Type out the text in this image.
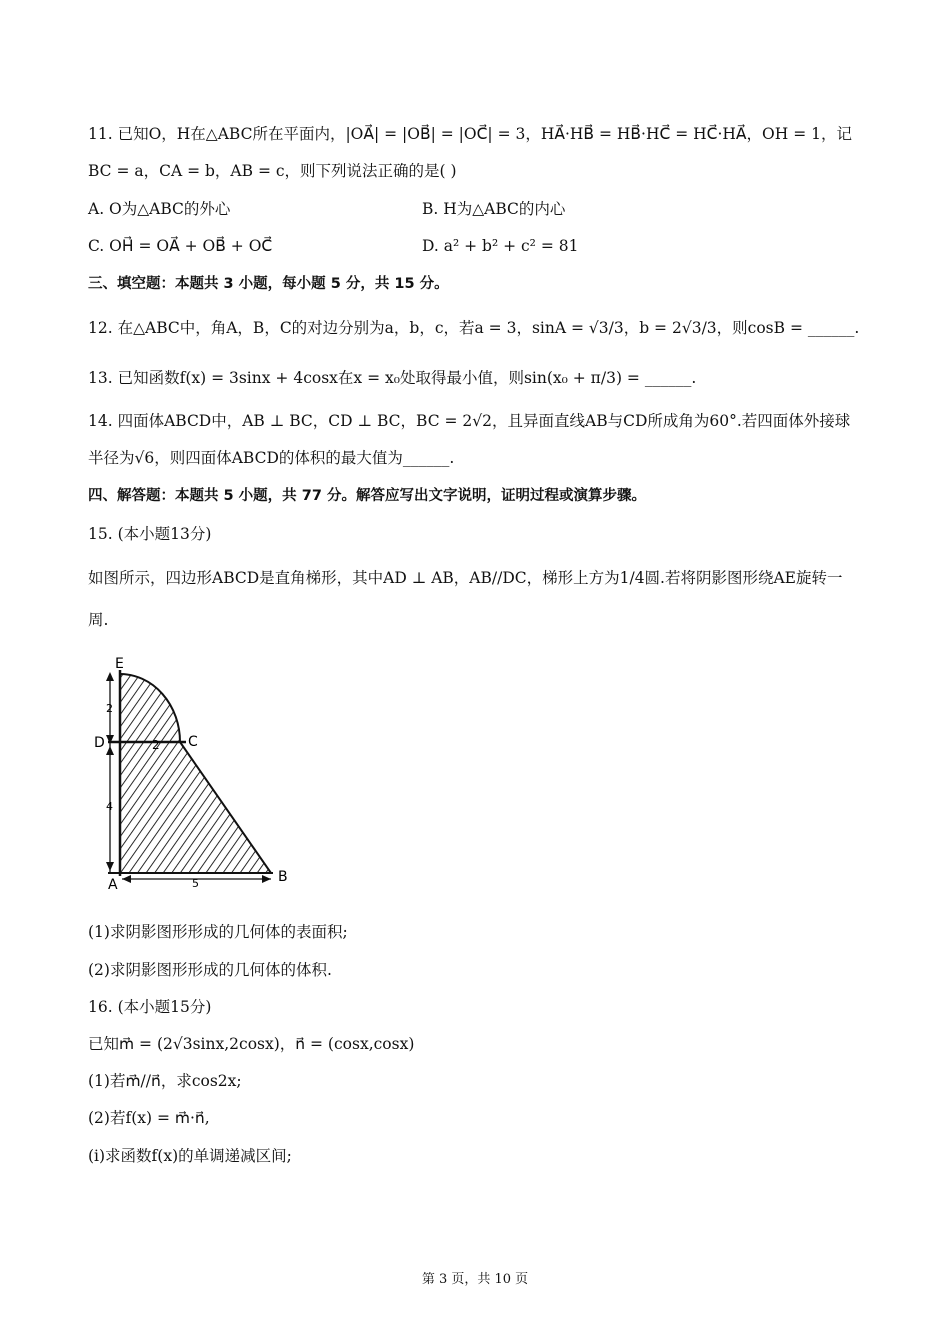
11. 已知O，H在△ABC所在平面内，|OA⃗| = |OB⃗| = |OC⃗| = 3，HA⃗·HB⃗ = HB⃗·HC⃗ = HC⃗·HA⃗，OH = 1，记
BC = a，CA = b，AB = c，则下列说法正确的是( )
A. O为△ABC的外心	B. H为△ABC的内心
C. OH⃗ = OA⃗ + OB⃗ + OC⃗	D. a² + b² + c² = 81
三、填空题：本题共 3 小题，每小题 5 分，共 15 分。
12. 在△ABC中，角A，B，C的对边分别为a，b，c，若a = 3，sinA = √3/3，b = 2√3/3，则cosB = ______.
13. 已知函数f(x) = 3sinx + 4cosx在x = x₀处取得最小值，则sin(x₀ + π/3) = ______.
14. 四面体ABCD中，AB ⊥ BC，CD ⊥ BC，BC = 2√2，且异面直线AB与CD所成角为60°.若四面体外接球
半径为√6，则四面体ABCD的体积的最大值为______.
四、解答题：本题共 5 小题，共 77 分。解答应写出文字说明，证明过程或演算步骤。
15. (本小题13分)
如图所示，四边形ABCD是直角梯形，其中AD ⊥ AB，AB//DC，梯形上方为1/4圆.若将阴影图形绕AE旋转一
周.
2
2
4
5
E
D	C
A	B
(1)求阴影图形形成的几何体的表面积;
(2)求阴影图形形成的几何体的体积.
16. (本小题15分)
已知m⃗ = (2√3sinx,2cosx)，n⃗ = (cosx,cosx)
(1)若m⃗//n⃗，求cos2x;
(2)若f(x) = m⃗·n⃗,
(i)求函数f(x)的单调递减区间;
第 3 页，共 10 页
